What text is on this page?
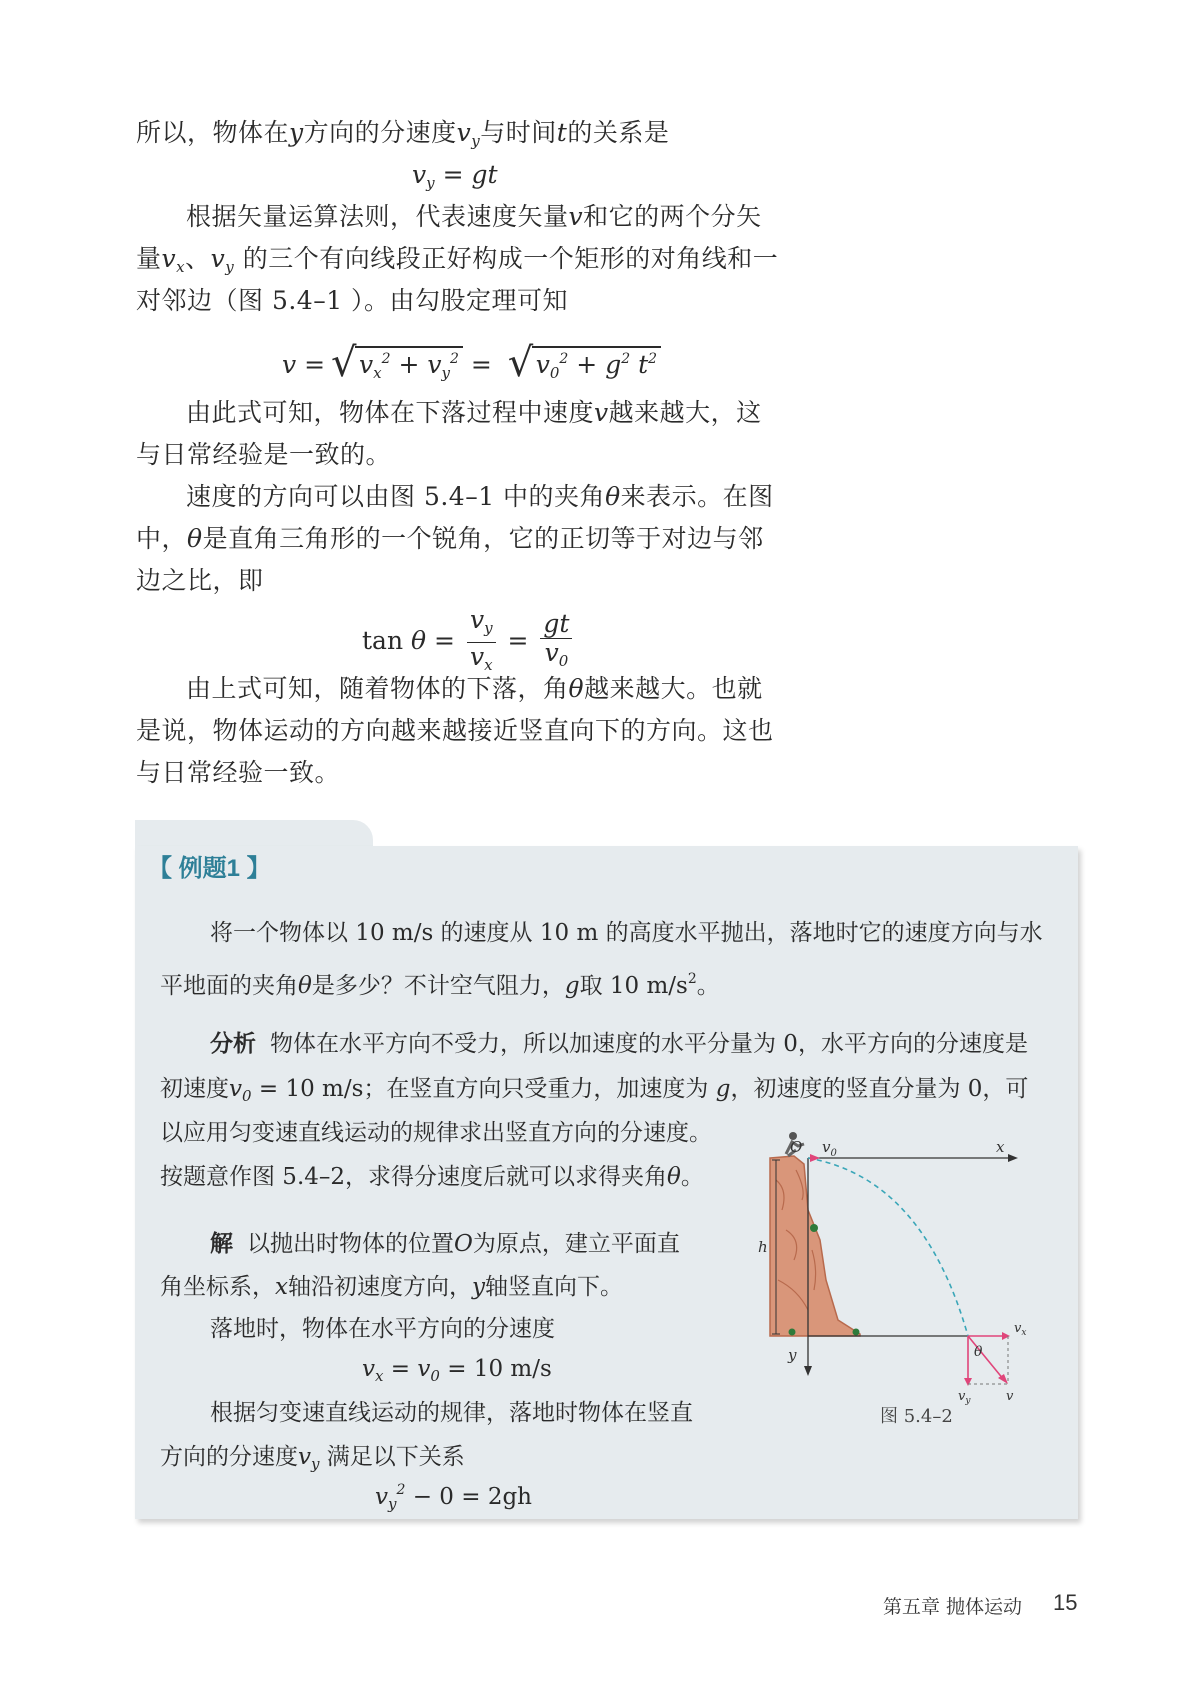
所以，物体在y方向的分速度$v_y$与时间t的关系是

$v_y$ = gt

根据矢量运算法则，代表速度矢量v和它的两个分矢

量$v_x$、$v_y$ 的三个有向线段正好构成一个矩形的对角线和一

对邻边（图 5.4–1 ）。由勾股定理可知

v = √ $v_x^2 + v_y^2$ = √ $v_0^2 + g^2$ $t^2$

由此式可知，物体在下落过程中速度v越来越大，这

与日常经验是一致的。

速度的方向可以由图 5.4–1 中的夹角θ来表示。在图

中，θ是直角三角形的一个锐角，它的正切等于对边与邻

边之比，即

$\tan \theta = \frac{v_y}{v_x} = \frac{gt}{v_0}$

由上式可知，随着物体的下落，角θ越来越大。也就

是说，物体运动的方向越来越接近竖直向下的方向。这也

与日常经验一致。

【 例题1 】

将一个物体以 10 m/s 的速度从 10 m 的高度水平抛出，落地时它的速度方向与水

平地面的夹角θ是多少？不计空气阻力，g取 10 $m/s^2$。

分析 物体在水平方向不受力，所以加速度的水平分量为 0，水平方向的分速度是

初速度$v_0 = 10$ m/s；在竖直方向只受重力，加速度为 g，初速度的竖直分量为 0，可

以应用匀变速直线运动的规律求出竖直方向的分速度。

按题意作图 5.4–2，求得分速度后就可以求得夹角θ。

解 以抛出时物体的位置O为原点，建立平面直

角坐标系，x轴沿初速度方向，y轴竖直向下。

落地时，物体在水平方向的分速度

$v_x = v_0 = 10$ m/s

根据匀变速直线运动的规律，落地时物体在竖直

方向的分速度$v_y$ 满足以下关系

$v_y^2 - 0 = 2gh$
O $v_0$	x
h
y	θ
$v_x$
$v_y$	v
图 5.4–2
第五章 抛体运动 15
